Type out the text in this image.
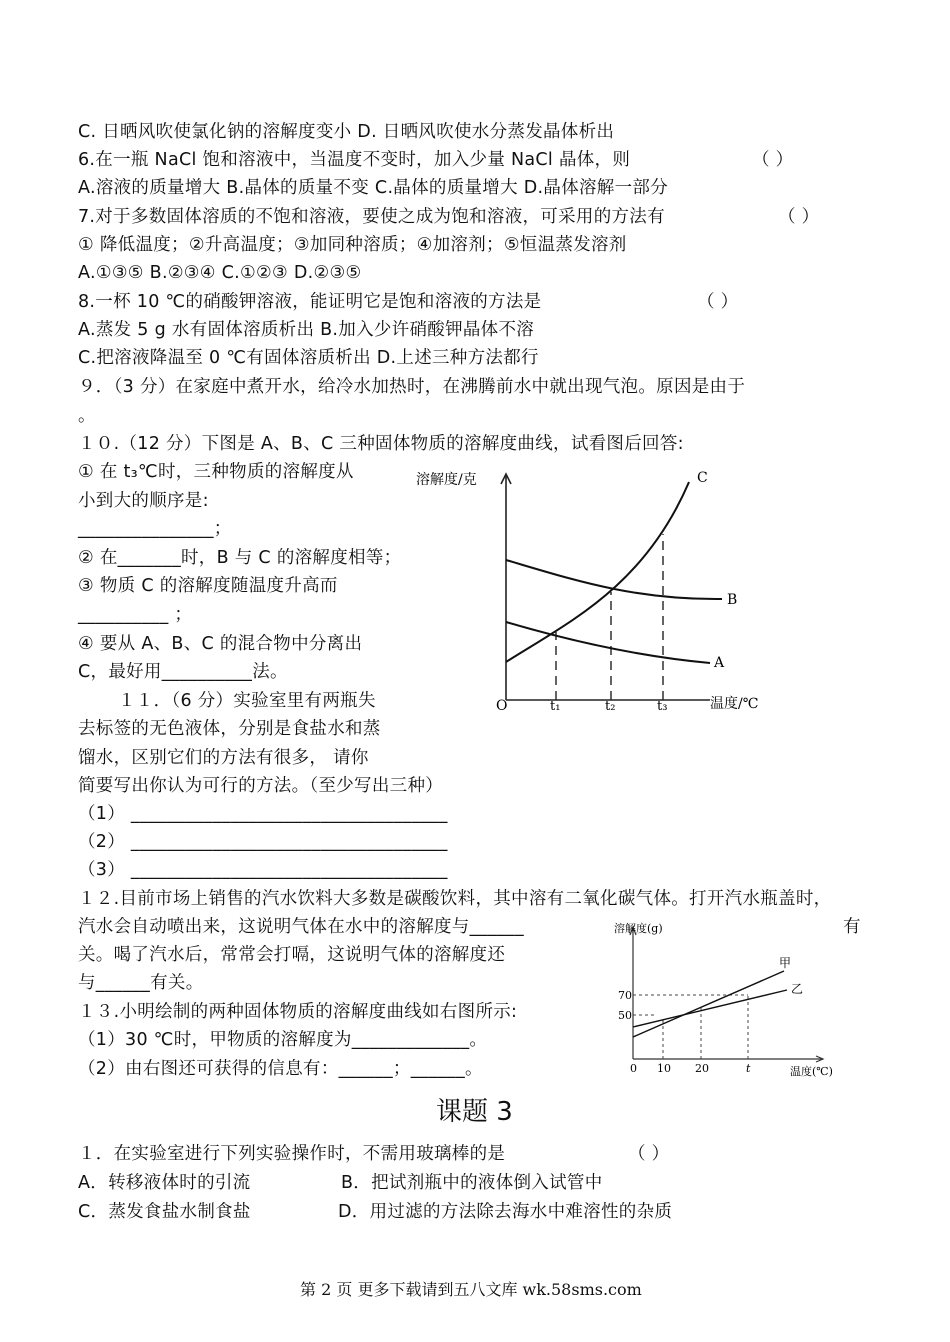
C. 日晒风吹使氯化钠的溶解度变小 D. 日晒风吹使水分蒸发晶体析出
6.在一瓶 NaCl 饱和溶液中，当温度不变时，加入少量 NaCl 晶体，则	（ ）
A.溶液的质量增大 B.晶体的质量不变 C.晶体的质量增大 D.晶体溶解一部分
7.对于多数固体溶质的不饱和溶液，要使之成为饱和溶液，可采用的方法有	（ ）
① 降低温度；②升高温度；③加同种溶质；④加溶剂；⑤恒温蒸发溶剂
A.①③⑤ B.②③④ C.①②③ D.②③⑤
8.一杯 10 ℃的硝酸钾溶液，能证明它是饱和溶液的方法是	（ ）
A.蒸发 5 g 水有固体溶质析出 B.加入少许硝酸钾晶体不溶
C.把溶液降温至 0 ℃有固体溶质析出 D.上述三种方法都行
９．（3 分）在家庭中煮开水，给冷水加热时，在沸腾前水中就出现气泡。原因是由于
。
１０.（12 分）下图是 A、B、C 三种固体物质的溶解度曲线，试看图后回答:
① 在 t₃℃时，三种物质的溶解度从
小到大的顺序是:
_______________；
② 在_______时，B 与 C 的溶解度相等；
③ 物质 C 的溶解度随温度升高而
__________ ；
④ 要从 A、B、C 的混合物中分离出
C，最好用__________法。
１１．（6 分）实验室里有两瓶失
去标签的无色液体，分别是食盐水和蒸
馏水，区别它们的方法有很多， 请你
简要写出你认为可行的方法。（至少写出三种）
（1） ___________________________________
（2） ___________________________________
（3） ___________________________________
１２.目前市场上销售的汽水饮料大多数是碳酸饮料，其中溶有二氧化碳气体。打开汽水瓶盖时，
汽水会自动喷出来，这说明气体在水中的溶解度与______	有
关。喝了汽水后，常常会打嗝，这说明气体的溶解度还
与______有关。
１３.小明绘制的两种固体物质的溶解度曲线如右图所示:
（1）30 ℃时，甲物质的溶解度为_____________。
（2）由右图还可获得的信息有：______；______。
课题 3
１．在实验室进行下列实验操作时，不需用玻璃棒的是	（ ）
A．转移液体时的引流	B．把试剂瓶中的液体倒入试管中
C．蒸发食盐水制食盐	D．用过滤的方法除去海水中难溶性的杂质
第 2 页 更多下载请到五八文库 wk.58sms.com
溶解度/克
温度/℃
O	t₁	t₂	t₃
C
B
A
溶解度(g)
温度(℃)
70
50
0 10 20	t
甲
乙
